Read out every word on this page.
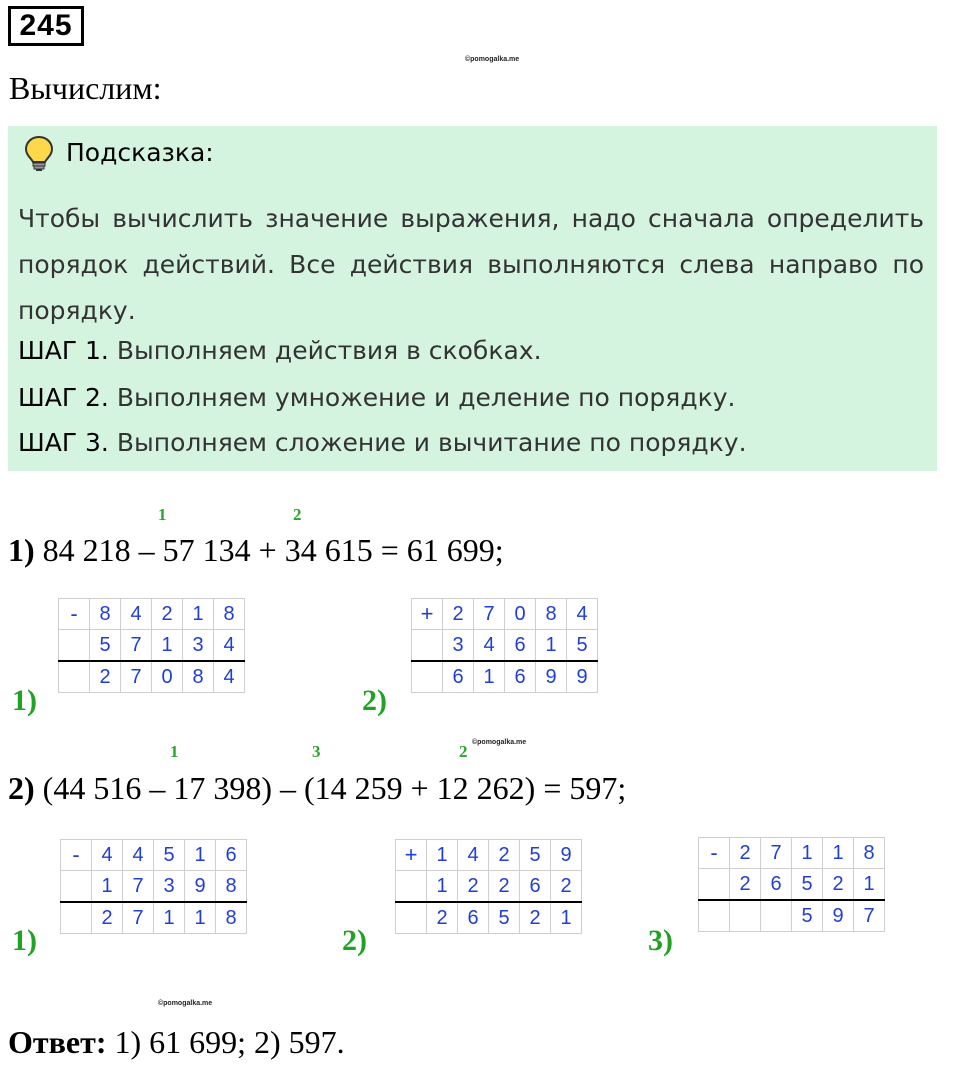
245
©pomogalka.me
Вычислим:
Подсказка:
Чтобы вычислить значение выражения, надо сначала определить порядок действий. Все действия выполняются слева направо по порядку.
ШАГ 1. Выполняем действия в скобках.
ШАГ 2. Выполняем умножение и деление по порядку.
ШАГ 3. Выполняем сложение и вычитание по порядку.
1	2
1) 84 218 – 57 134 + 34 615 = 61 699;
-	8	4	2	1	8
	5	7	1	3	4
	2	7	0	8	4
1)
+	2	7	0	8	4
	3	4	6	1	5
	6	1	6	9	9
2)
1	3	2 ©pomogalka.me
2) (44 516 – 17 398) – (14 259 + 12 262) = 597;
-	4	4	5	1	6
	1	7	3	9	8
	2	7	1	1	8
1)
+	1	4	2	5	9
	1	2	2	6	2
	2	6	5	2	1
2)
-	2	7	1	1	8
	2	6	5	2	1
			5	9	7
3)
©pomogalka.me
Ответ: 1) 61 699; 2) 597.
